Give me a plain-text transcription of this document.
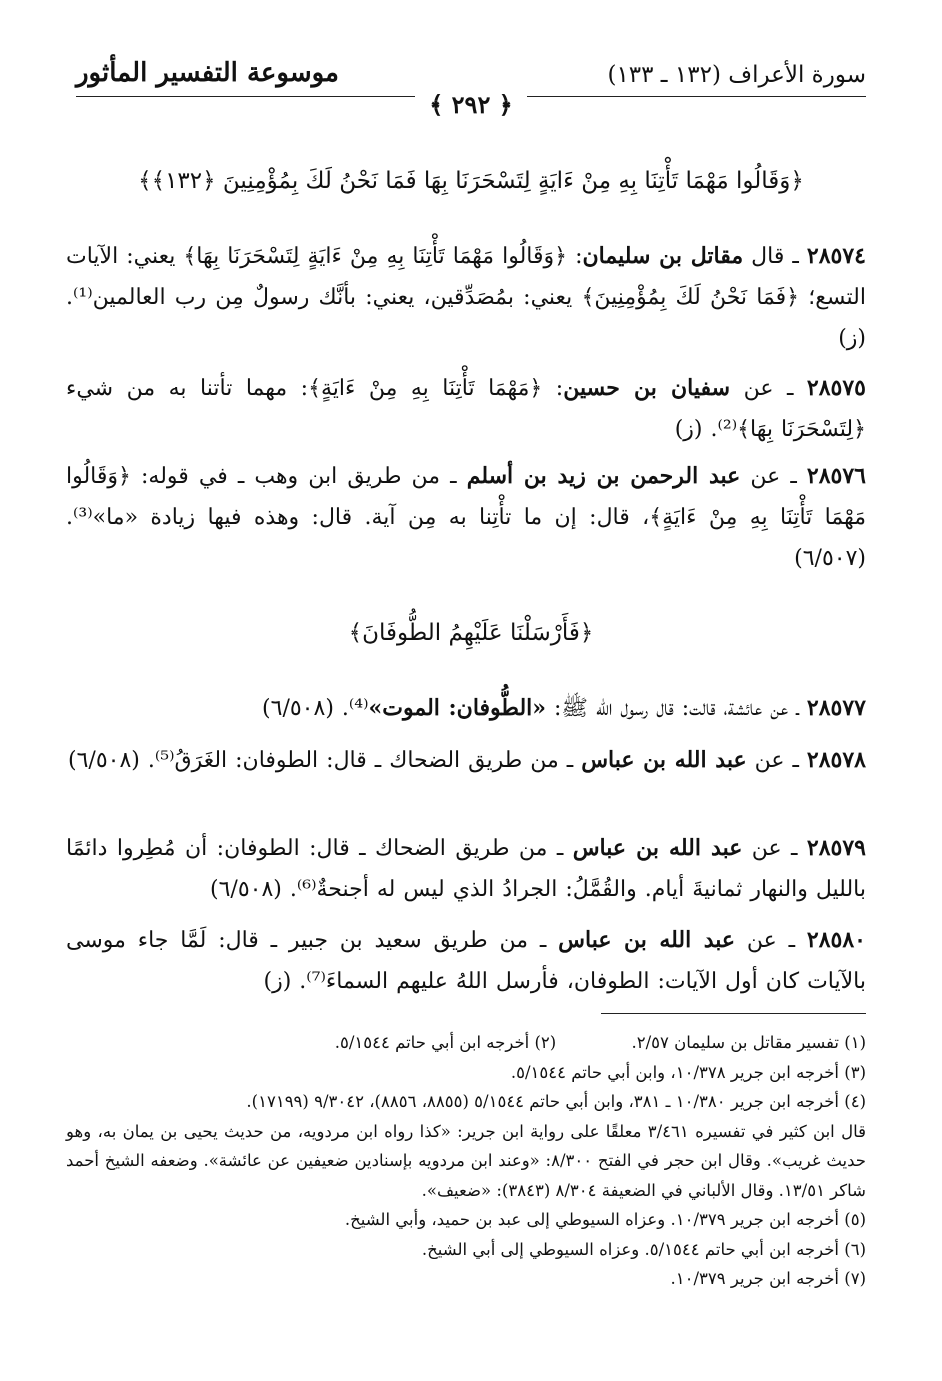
سورة الأعراف (١٣٢ ـ ١٣٣)
موسوعة التفسير المأثور
﴿ ٢٩٢ ﴾
﴿وَقَالُوا مَهْمَا تَأْتِنَا بِهِ مِنْ ءَايَةٍ لِتَسْحَرَنَا بِهَا فَمَا نَحْنُ لَكَ بِمُؤْمِنِينَ ﴿١٣٢﴾﴾
٢٨٥٧٤ ـ قال مقاتل بن سليمان: ﴿وَقَالُوا مَهْمَا تَأْتِنَا بِهِ مِنْ ءَايَةٍ لِتَسْحَرَنَا بِهَا﴾ يعني: الآيات التسع؛ ﴿فَمَا نَحْنُ لَكَ بِمُؤْمِنِينَ﴾ يعني: بمُصَدِّقين، يعني: بأنَّك رسولٌ مِن رب العالمين⁽¹⁾. (ز)
٢٨٥٧٥ ـ عن سفيان بن حسين: ﴿مَهْمَا تَأْتِنَا بِهِ مِنْ ءَايَةٍ﴾: مهما تأتنا به من شيء ﴿لِتَسْحَرَنَا بِهَا﴾⁽²⁾. (ز)
٢٨٥٧٦ ـ عن عبد الرحمن بن زيد بن أسلم ـ من طريق ابن وهب ـ في قوله: ﴿وَقَالُوا مَهْمَا تَأْتِنَا بِهِ مِنْ ءَايَةٍ﴾، قال: إن ما تأْتِنا به مِن آية. قال: وهذه فيها زيادة «ما»⁽³⁾. (٦/٥٠٧)
﴿فَأَرْسَلْنَا عَلَيْهِمُ الطُّوفَانَ﴾
٢٨٥٧٧ ـ عن عائشة، قالت: قال رسول الله ﷺ: «الطُّوفان: الموت»⁽⁴⁾. (٦/٥٠٨)
٢٨٥٧٨ ـ عن عبد الله بن عباس ـ من طريق الضحاك ـ قال: الطوفان: الغَرَقُ⁽⁵⁾. (٦/٥٠٨)
٢٨٥٧٩ ـ عن عبد الله بن عباس ـ من طريق الضحاك ـ قال: الطوفان: أن مُطِروا دائمًا بالليل والنهار ثمانيةَ أيام. والقُمَّلُ: الجرادُ الذي ليس له أجنحةٌ⁽⁶⁾. (٦/٥٠٨)
٢٨٥٨٠ ـ عن عبد الله بن عباس ـ من طريق سعيد بن جبير ـ قال: لَمَّا جاء موسى بالآيات كان أول الآيات: الطوفان، فأرسل اللهُ عليهم السماءَ⁽⁷⁾. (ز)
(١) تفسير مقاتل بن سليمان ٢/٥٧. (٢) أخرجه ابن أبي حاتم ٥/١٥٤٤.
(٣) أخرجه ابن جرير ١٠/٣٧٨، وابن أبي حاتم ٥/١٥٤٤.
(٤) أخرجه ابن جرير ١٠/٣٨٠ ـ ٣٨١، وابن أبي حاتم ٥/١٥٤٤ (٨٨٥٥، ٨٨٥٦)، ٩/٣٠٤٢ (١٧١٩٩).
قال ابن كثير في تفسيره ٣/٤٦١ معلقًا على رواية ابن جرير: «كذا رواه ابن مردويه، من حديث يحيى بن يمان به، وهو حديث غريب». وقال ابن حجر في الفتح ٨/٣٠٠: «وعند ابن مردويه بإسنادين ضعيفين عن عائشة». وضعفه الشيخ أحمد شاكر ١٣/٥١. وقال الألباني في الضعيفة ٨/٣٠٤ (٣٨٤٣): «ضعيف».
(٥) أخرجه ابن جرير ١٠/٣٧٩. وعزاه السيوطي إلى عبد بن حميد، وأبي الشيخ.
(٦) أخرجه ابن أبي حاتم ٥/١٥٤٤. وعزاه السيوطي إلى أبي الشيخ.
(٧) أخرجه ابن جرير ١٠/٣٧٩.
